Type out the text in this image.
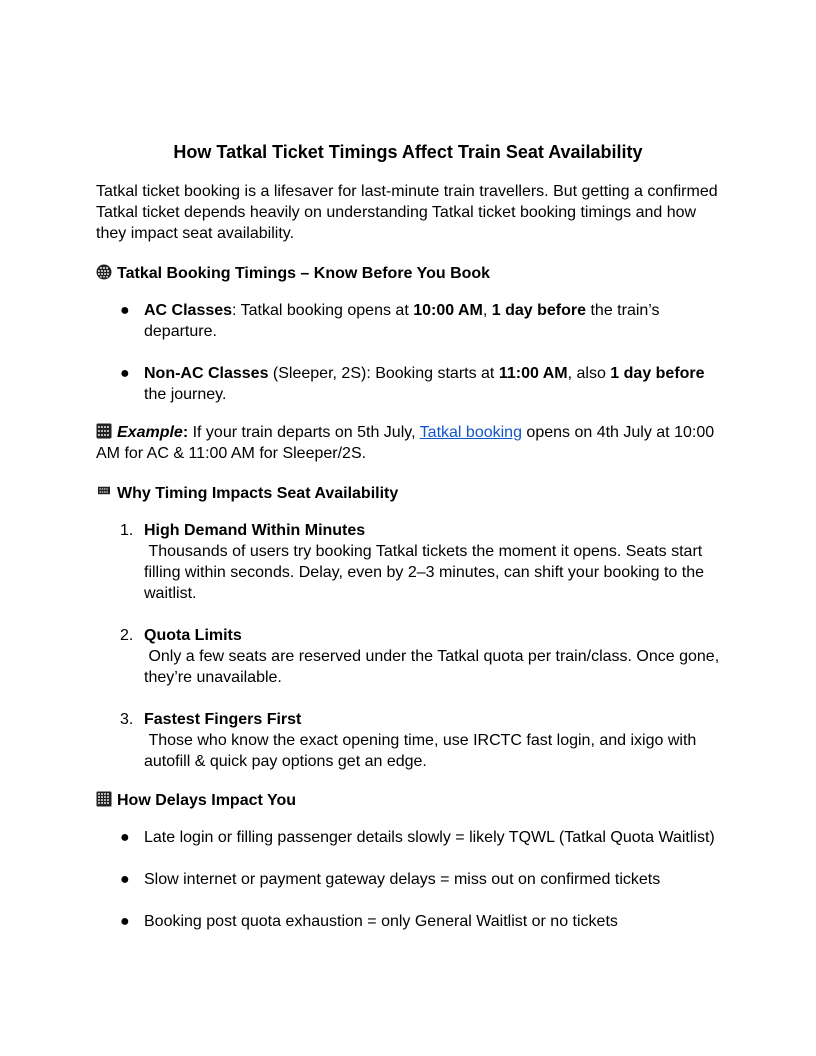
How Tatkal Ticket Timings Affect Train Seat Availability

Tatkal ticket booking is a lifesaver for last-minute train travellers. But getting a confirmed Tatkal ticket depends heavily on understanding Tatkal ticket booking timings and how they impact seat availability.

Tatkal Booking Timings – Know Before You Book

● AC Classes: Tatkal booking opens at 10:00 AM, 1 day before the train’s departure.
● Non-AC Classes (Sleeper, 2S): Booking starts at 11:00 AM, also 1 day before the journey.

Example: If your train departs on 5th July, Tatkal booking opens on 4th July at 10:00 AM for AC & 11:00 AM for Sleeper/2S.

Why Timing Impacts Seat Availability

1. High Demand Within Minutes
Thousands of users try booking Tatkal tickets the moment it opens. Seats start filling within seconds. Delay, even by 2–3 minutes, can shift your booking to the waitlist.
2. Quota Limits
Only a few seats are reserved under the Tatkal quota per train/class. Once gone, they’re unavailable.
3. Fastest Fingers First
Those who know the exact opening time, use IRCTC fast login, and ixigo with autofill & quick pay options get an edge.

How Delays Impact You

● Late login or filling passenger details slowly = likely TQWL (Tatkal Quota Waitlist)
● Slow internet or payment gateway delays = miss out on confirmed tickets
● Booking post quota exhaustion = only General Waitlist or no tickets
